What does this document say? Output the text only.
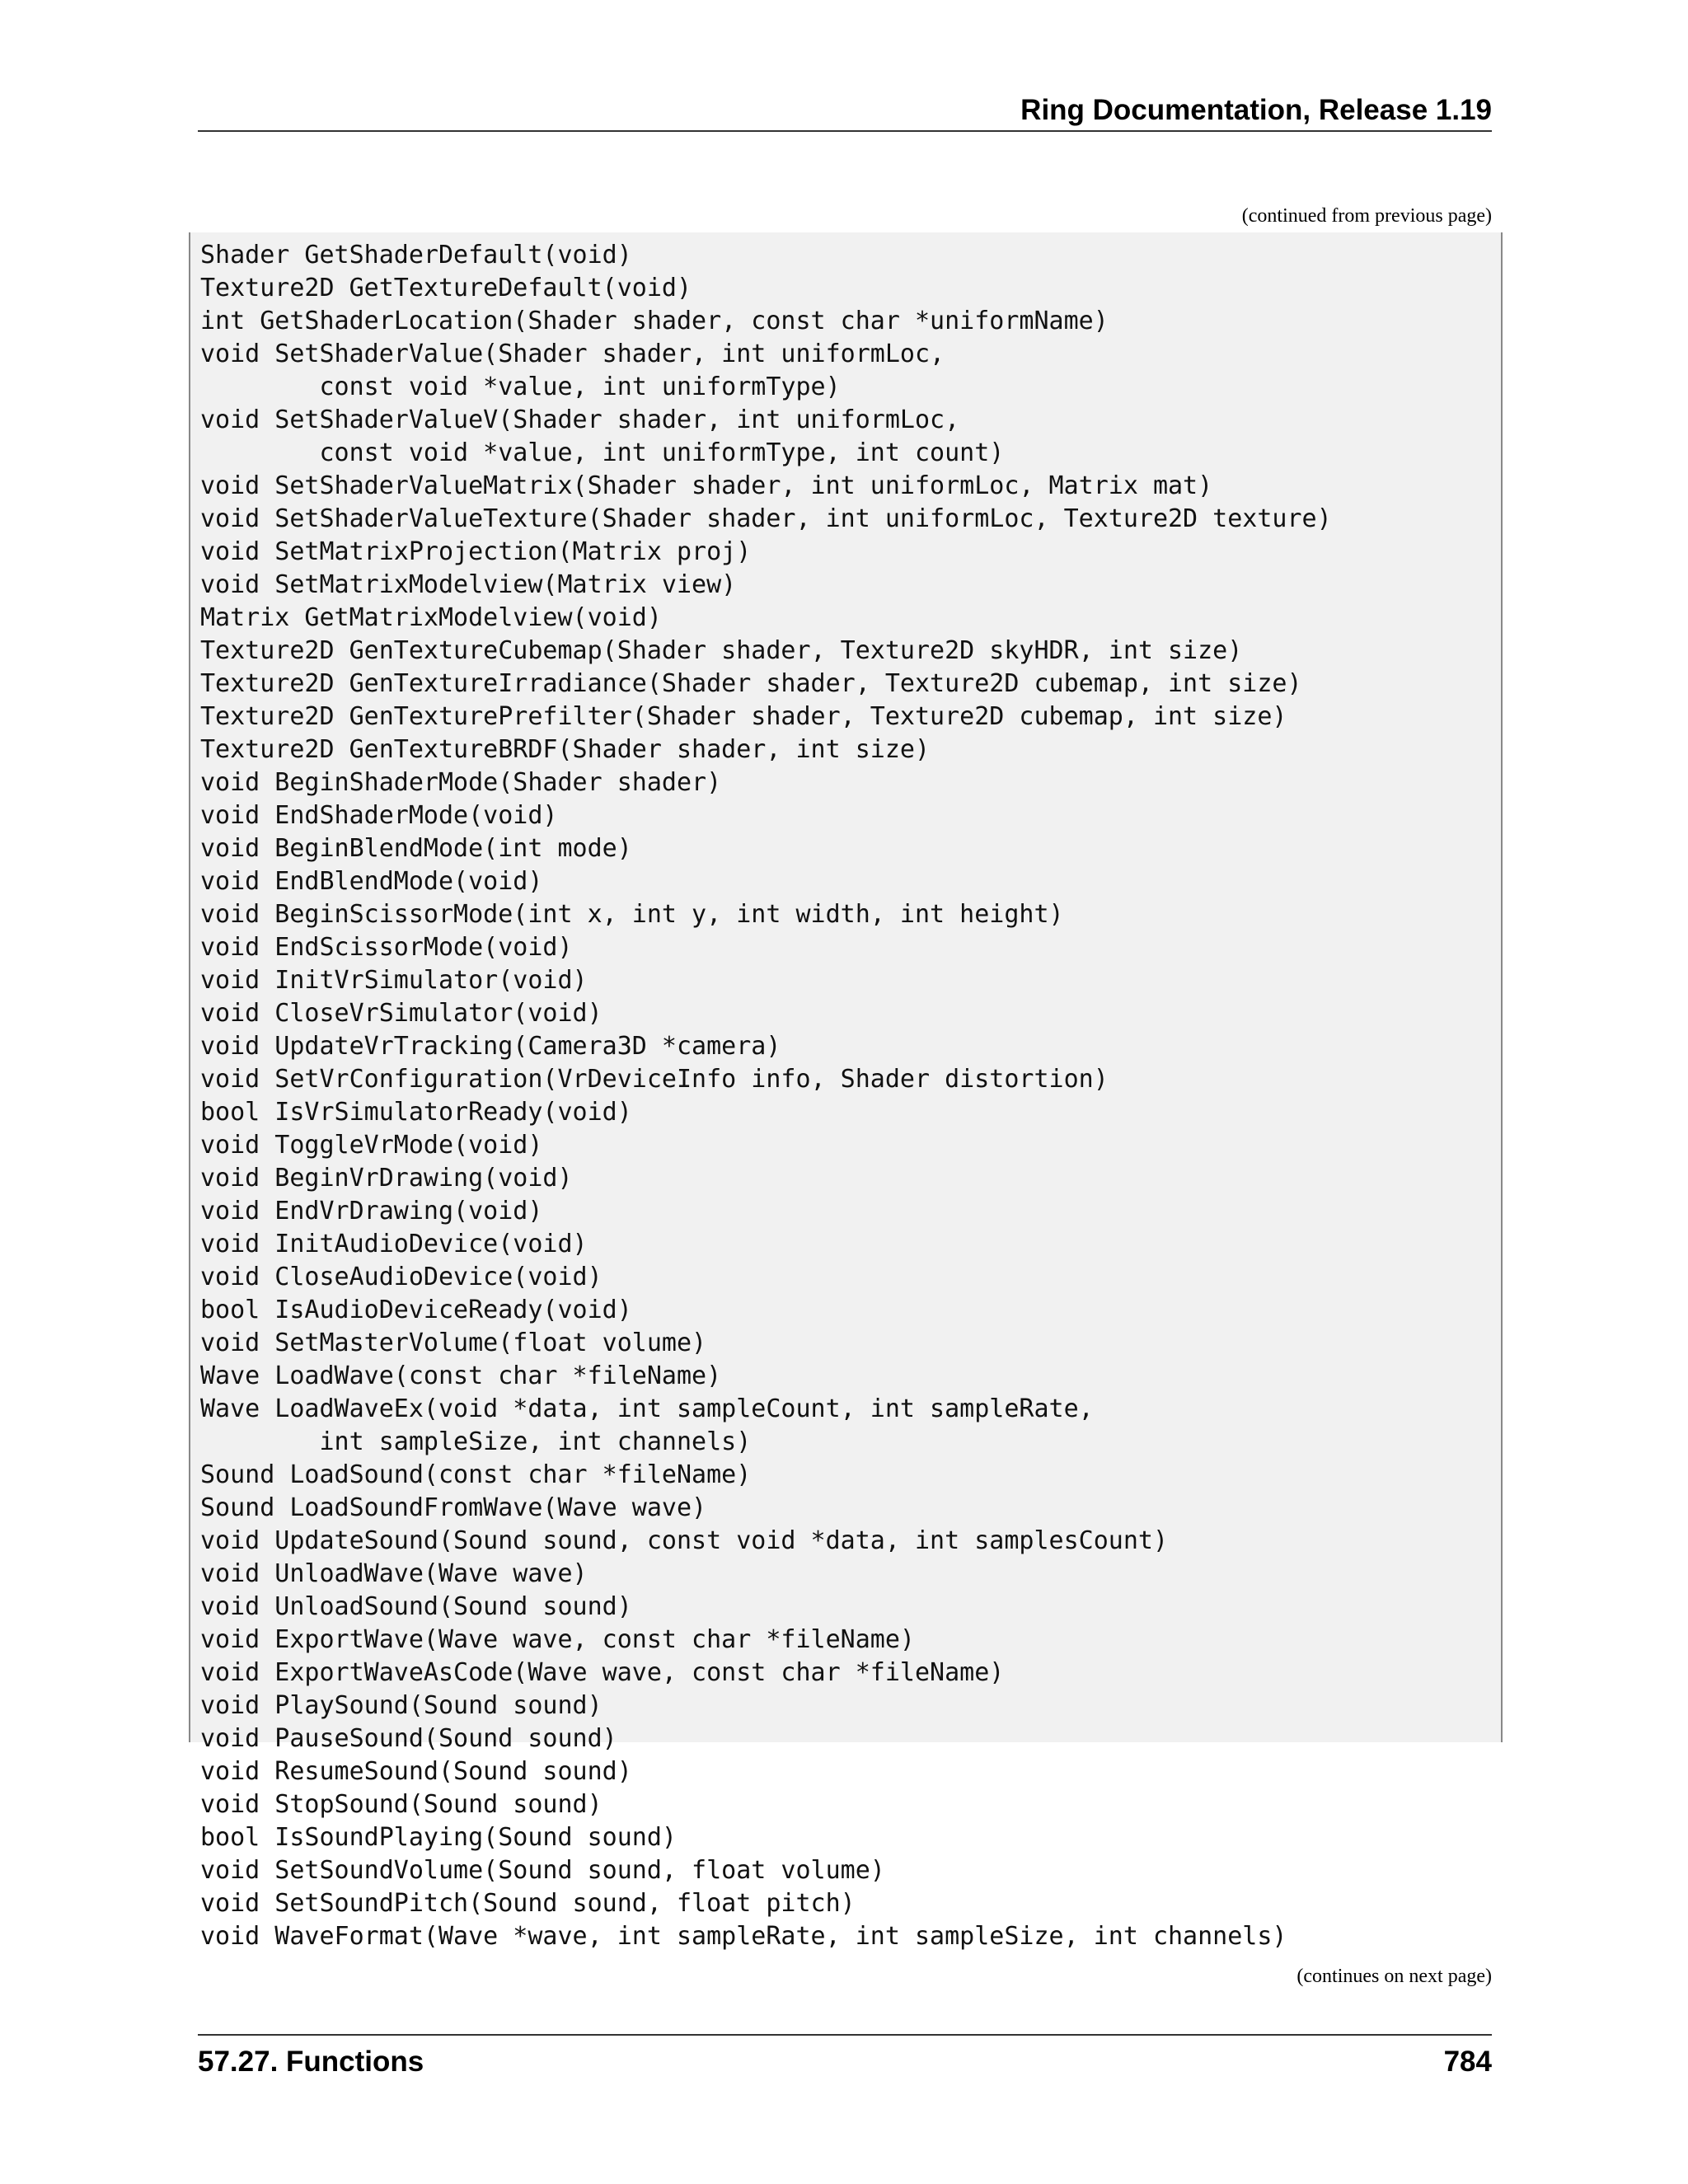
Ring Documentation, Release 1.19
(continued from previous page)
Shader GetShaderDefault(void)
Texture2D GetTextureDefault(void)
int GetShaderLocation(Shader shader, const char *uniformName)
void SetShaderValue(Shader shader, int uniformLoc,
const void *value, int uniformType)
void SetShaderValueV(Shader shader, int uniformLoc,
const void *value, int uniformType, int count)
void SetShaderValueMatrix(Shader shader, int uniformLoc, Matrix mat)
void SetShaderValueTexture(Shader shader, int uniformLoc, Texture2D texture)
void SetMatrixProjection(Matrix proj)
void SetMatrixModelview(Matrix view)
Matrix GetMatrixModelview(void)
Texture2D GenTextureCubemap(Shader shader, Texture2D skyHDR, int size)
Texture2D GenTextureIrradiance(Shader shader, Texture2D cubemap, int size)
Texture2D GenTexturePrefilter(Shader shader, Texture2D cubemap, int size)
Texture2D GenTextureBRDF(Shader shader, int size)
void BeginShaderMode(Shader shader)
void EndShaderMode(void)
void BeginBlendMode(int mode)
void EndBlendMode(void)
void BeginScissorMode(int x, int y, int width, int height)
void EndScissorMode(void)
void InitVrSimulator(void)
void CloseVrSimulator(void)
void UpdateVrTracking(Camera3D *camera)
void SetVrConfiguration(VrDeviceInfo info, Shader distortion)
bool IsVrSimulatorReady(void)
void ToggleVrMode(void)
void BeginVrDrawing(void)
void EndVrDrawing(void)
void InitAudioDevice(void)
void CloseAudioDevice(void)
bool IsAudioDeviceReady(void)
void SetMasterVolume(float volume)
Wave LoadWave(const char *fileName)
Wave LoadWaveEx(void *data, int sampleCount, int sampleRate,
int sampleSize, int channels)
Sound LoadSound(const char *fileName)
Sound LoadSoundFromWave(Wave wave)
void UpdateSound(Sound sound, const void *data, int samplesCount)
void UnloadWave(Wave wave)
void UnloadSound(Sound sound)
void ExportWave(Wave wave, const char *fileName)
void ExportWaveAsCode(Wave wave, const char *fileName)
void PlaySound(Sound sound)
void PauseSound(Sound sound)
void ResumeSound(Sound sound)
void StopSound(Sound sound)
bool IsSoundPlaying(Sound sound)
void SetSoundVolume(Sound sound, float volume)
void SetSoundPitch(Sound sound, float pitch)
void WaveFormat(Wave *wave, int sampleRate, int sampleSize, int channels)
(continues on next page)
57.27. Functions	784
